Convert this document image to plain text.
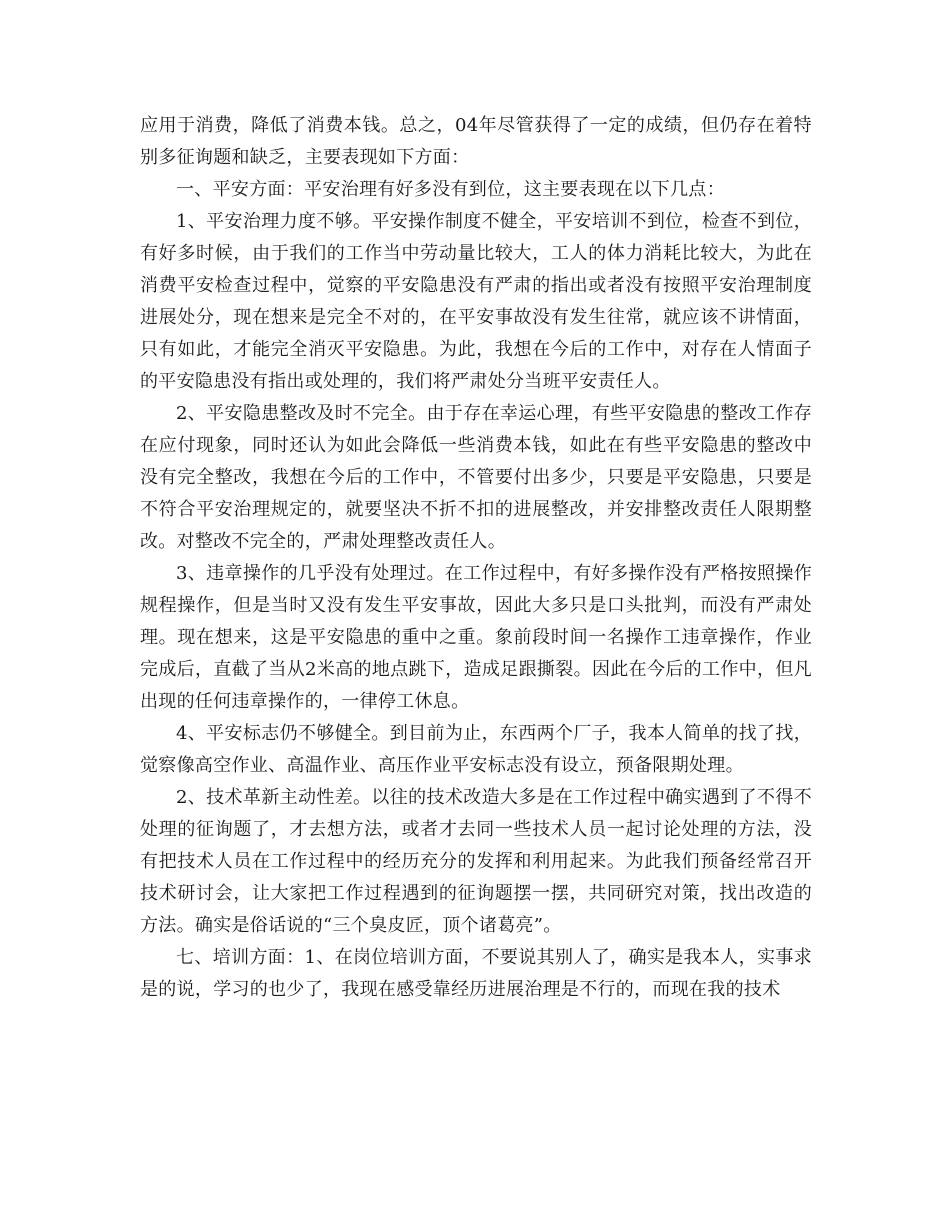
应用于消费，降低了消费本钱。总之，04年尽管获得了一定的成绩，但仍存在着特别多征询题和缺乏，主要表现如下方面：

一、平安方面：平安治理有好多没有到位，这主要表现在以下几点：

1、平安治理力度不够。平安操作制度不健全，平安培训不到位，检查不到位，有好多时候，由于我们的工作当中劳动量比较大，工人的体力消耗比较大，为此在消费平安检查过程中，觉察的平安隐患没有严肃的指出或者没有按照平安治理制度进展处分，现在想来是完全不对的，在平安事故没有发生往常，就应该不讲情面，只有如此，才能完全消灭平安隐患。为此，我想在今后的工作中，对存在人情面子的平安隐患没有指出或处理的，我们将严肃处分当班平安责任人。

2、平安隐患整改及时不完全。由于存在幸运心理，有些平安隐患的整改工作存在应付现象，同时还认为如此会降低一些消费本钱，如此在有些平安隐患的整改中没有完全整改，我想在今后的工作中，不管要付出多少，只要是平安隐患，只要是不符合平安治理规定的，就要坚决不折不扣的进展整改，并安排整改责任人限期整改。对整改不完全的，严肃处理整改责任人。

3、违章操作的几乎没有处理过。在工作过程中，有好多操作没有严格按照操作规程操作，但是当时又没有发生平安事故，因此大多只是口头批判，而没有严肃处理。现在想来，这是平安隐患的重中之重。象前段时间一名操作工违章操作，作业完成后，直截了当从2米高的地点跳下，造成足跟撕裂。因此在今后的工作中，但凡出现的任何违章操作的，一律停工休息。

4、平安标志仍不够健全。到目前为止，东西两个厂子，我本人简单的找了找，觉察像高空作业、高温作业、高压作业平安标志没有设立，预备限期处理。

2、技术革新主动性差。以往的技术改造大多是在工作过程中确实遇到了不得不处理的征询题了，才去想方法，或者才去同一些技术人员一起讨论处理的方法，没有把技术人员在工作过程中的经历充分的发挥和利用起来。为此我们预备经常召开技术研讨会，让大家把工作过程遇到的征询题摆一摆，共同研究对策，找出改造的方法。确实是俗话说的“三个臭皮匠，顶个诸葛亮”。

七、培训方面：1、在岗位培训方面，不要说其别人了，确实是我本人，实事求是的说，学习的也少了，我现在感受靠经历进展治理是不行的，而现在我的技术
